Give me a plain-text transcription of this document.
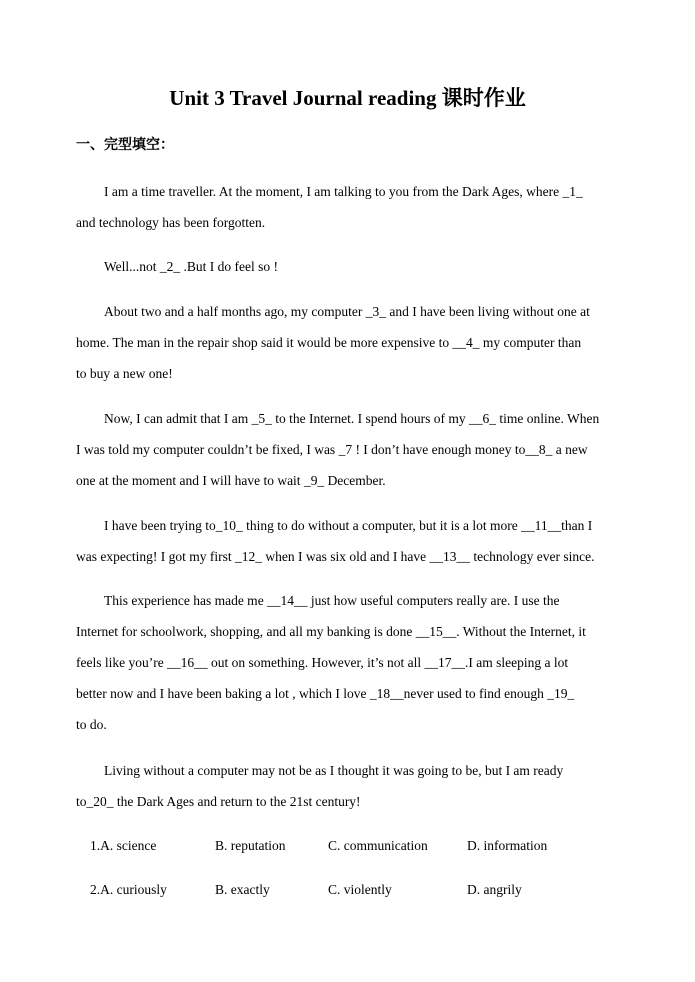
Unit 3 Travel Journal reading 课时作业
一、完型填空：

I am a time traveller. At the moment, I am talking to you from the Dark Ages, where _1_
and technology has been forgotten.

Well...not _2_ .But I do feel so !

About two and a half months ago, my computer _3_ and I have been living without one at
home. The man in the repair shop said it would be more expensive to __4_ my computer than
to buy a new one!

Now, I can admit that I am _5_ to the Internet. I spend hours of my __6_ time online. When
I was told my computer couldn’t be fixed, I was _7 ! I don’t have enough money to__8_ a new
one at the moment and I will have to wait _9_ December.

I have been trying to_10_ thing to do without a computer, but it is a lot more __11__than I
was expecting! I got my first _12_ when I was six old and I have __13__ technology ever since.

This experience has made me __14__ just how useful computers really are. I use the
Internet for schoolwork, shopping, and all my banking is done __15__. Without the Internet, it
feels like you’re __16__ out on something. However, it’s not all __17__.I am sleeping a lot
better now and I have been baking a lot , which I love _18__never used to find enough _19_
to do.

Living without a computer may not be as I thought it was going to be, but I am ready
to_20_ the Dark Ages and return to the 21st century!

1.A. science	B. reputation	C. communication	D. information
2.A. curiously	B. exactly	C. violently	D. angrily
